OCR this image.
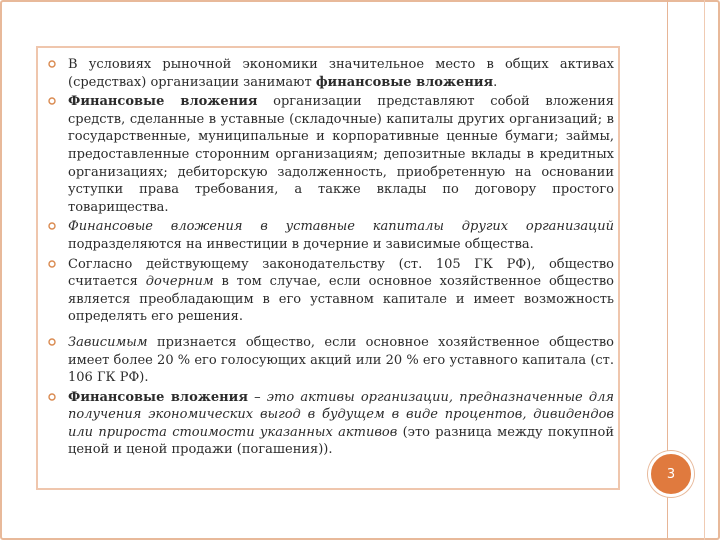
В условиях рыночной экономики значительное место в общих активах (средствах) организации занимают финансовые вложения.
Финансовые вложения организации представляют собой вложения средств, сделанные в уставные (складочные) капиталы других организаций; в государственные, муниципальные и корпоративные ценные бумаги; займы, предоставленные сторонним организациям; депозитные вклады в кредитных организациях; дебиторскую задолженность, приобретенную на основании уступки права требования, а также вклады по договору простого товарищества.
Финансовые вложения в уставные капиталы других организаций подразделяются на инвестиции в дочерние и зависимые общества.
Согласно действующему законодательству (ст. 105 ГК РФ), общество считается дочерним в том случае, если основное хозяйственное общество является преобладающим в его уставном капитале и имеет возможность определять его решения.
Зависимым признается общество, если основное хозяйственное общество имеет более 20 % его голосующих акций или 20 % его уставного капитала (ст. 106 ГК РФ).
Финансовые вложения – это активы организации, предназначенные для получения экономических выгод в будущем в виде процентов, дивидендов или прироста стоимости указанных активов (это разница между покупной ценой и ценой продажи (погашения)).
3
